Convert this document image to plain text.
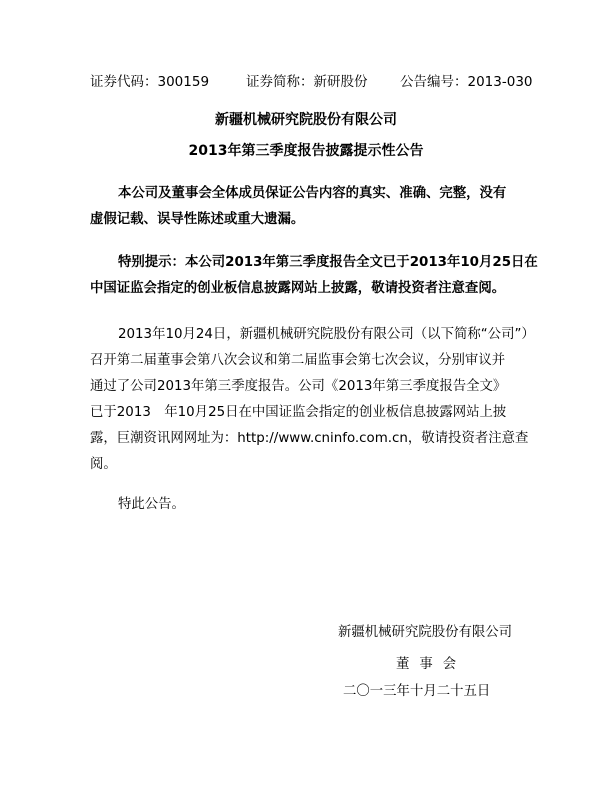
证券代码：300159	证券简称：新研股份 公告编号：2013-030
新疆机械研究院股份有限公司
2013年第三季度报告披露提示性公告
本公司及董事会全体成员保证公告内容的真实、准确、完整，没有
虚假记载、误导性陈述或重大遗漏。
特别提示：本公司2013年第三季度报告全文已于2013年10月25日在
中国证监会指定的创业板信息披露网站上披露，敬请投资者注意查阅。
2013年10月24日，新疆机械研究院股份有限公司（以下简称“公司”）
召开第二届董事会第八次会议和第二届监事会第七次会议，分别审议并
通过了公司2013年第三季度报告。公司《2013年第三季度报告全文》
已于2013　年10月25日在中国证监会指定的创业板信息披露网站上披
露，巨潮资讯网网址为：http://www.cninfo.com.cn，敬请投资者注意查
阅。
特此公告。
新疆机械研究院股份有限公司
董事会
二〇一三年十月二十五日
